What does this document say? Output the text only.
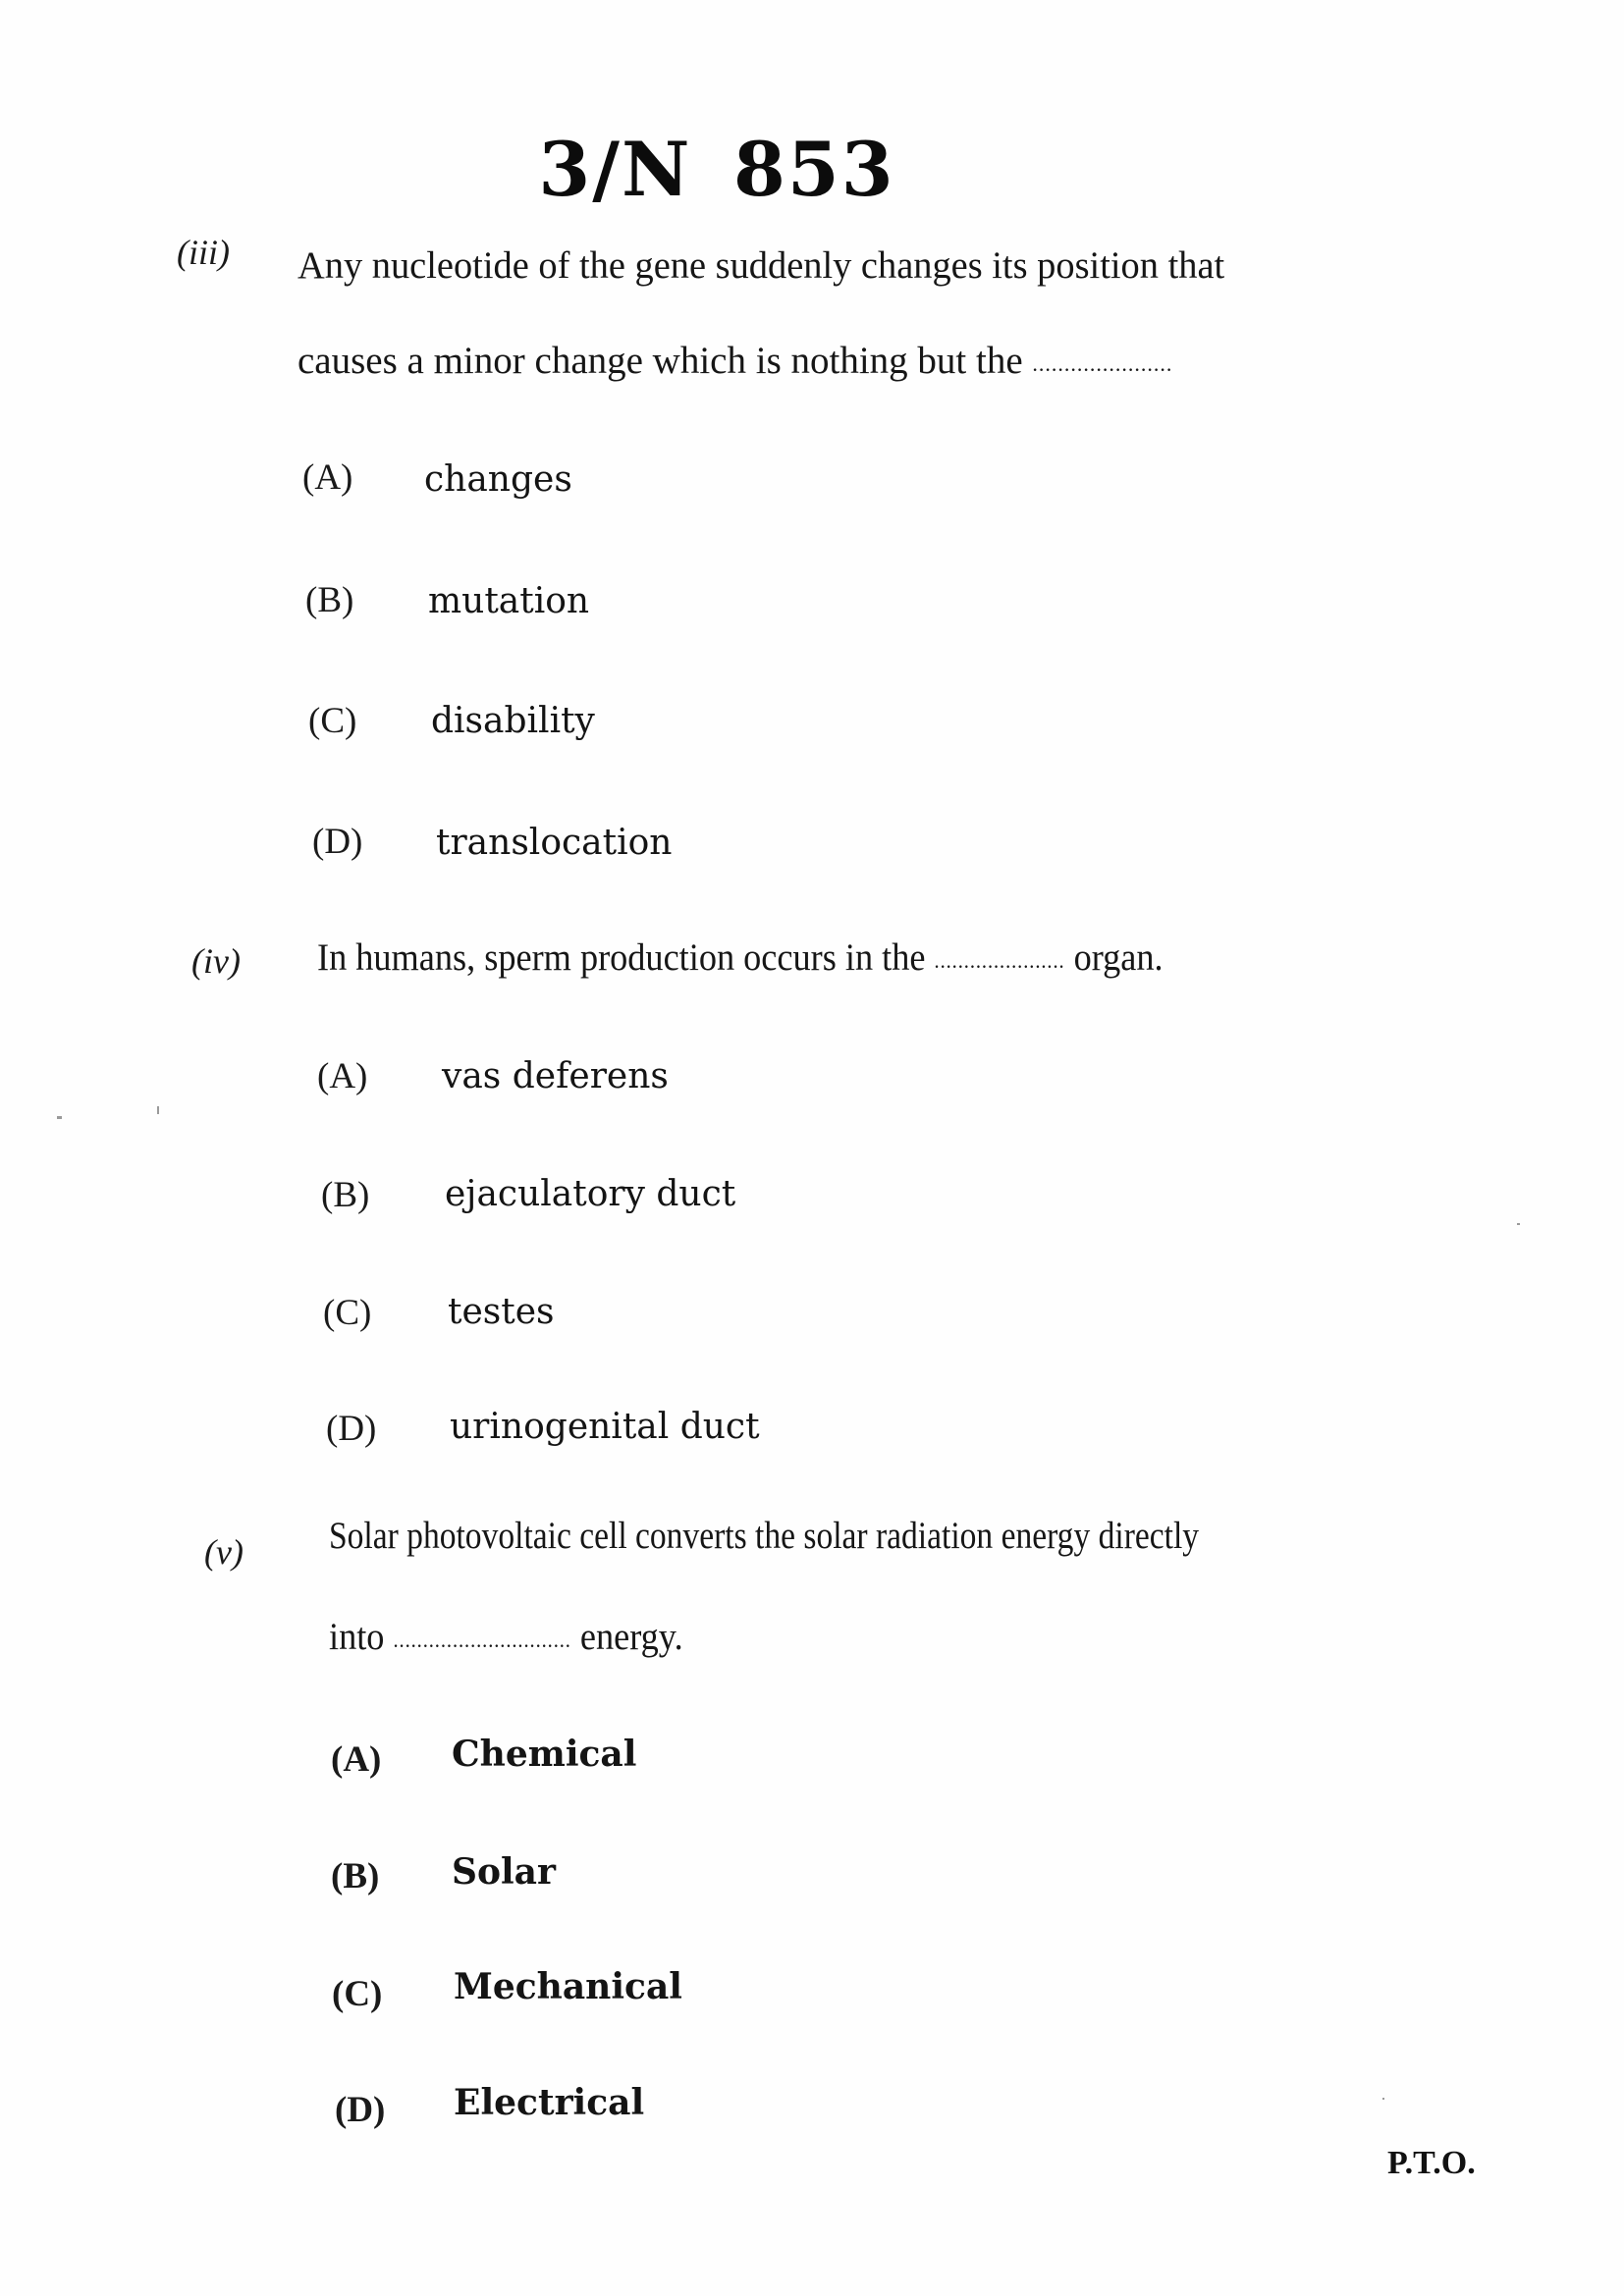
3/N 853
(iii) Any nucleotide of the gene suddenly changes its position that
causes a minor change which is nothing but the ......................
(A) changes
(B) mutation
(C) disability
(D) translocation
(iv) In humans, sperm production occurs in the ...................... organ.
(A) vas deferens
(B) ejaculatory duct
(C) testes
(D) urinogenital duct
(v) Solar photovoltaic cell converts the solar radiation energy directly
into .............................. energy.
(A) Chemical
(B) Solar
(C) Mechanical
(D) Electrical
P.T.O.
